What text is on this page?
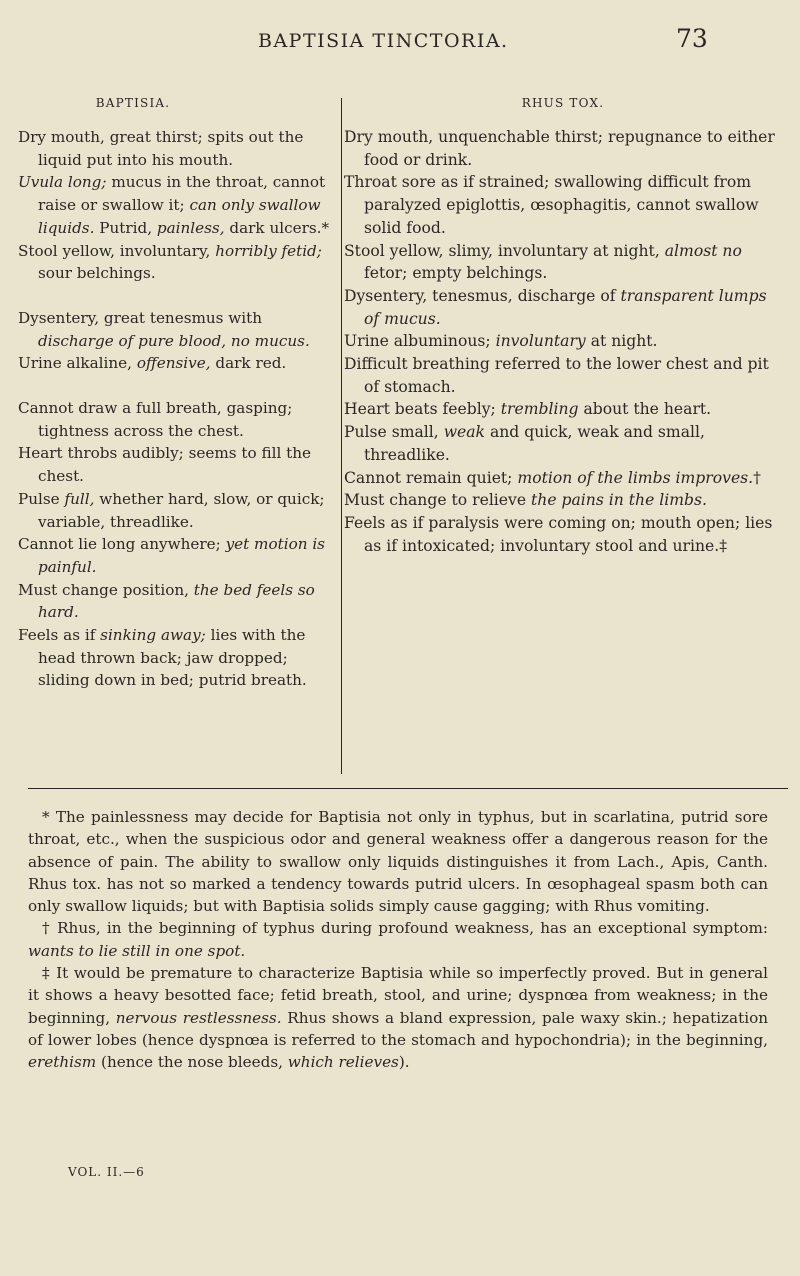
BAPTISIA TINCTORIA.	73
BAPTISIA.

Dry mouth, great thirst; spits out the liquid put into his mouth.

Uvula long; mucus in the throat, cannot raise or swallow it; can only swallow liquids. Putrid, painless, dark ulcers.*

Stool yellow, involuntary, horribly fetid; sour belchings.

Dysentery, great tenesmus with discharge of pure blood, no mucus.

Urine alkaline, offensive, dark red.

Cannot draw a full breath, gasping; tightness across the chest.

Heart throbs audibly; seems to fill the chest.

Pulse full, whether hard, slow, or quick; variable, threadlike.

Cannot lie long anywhere; yet motion is painful.

Must change position, the bed feels so hard.

Feels as if sinking away; lies with the head thrown back; jaw dropped; sliding down in bed; putrid breath.

RHUS TOX.

Dry mouth, unquenchable thirst; repugnance to either food or drink.

Throat sore as if strained; swallowing difficult from paralyzed epiglottis, œsophagitis, cannot swallow solid food.

Stool yellow, slimy, involuntary at night, almost no fetor; empty belchings.

Dysentery, tenesmus, discharge of transparent lumps of mucus.

Urine albuminous; involuntary at night.

Difficult breathing referred to the lower chest and pit of stomach.

Heart beats feebly; trembling about the heart.

Pulse small, weak and quick, weak and small, threadlike.

Cannot remain quiet; motion of the limbs improves.†

Must change to relieve the pains in the limbs.

Feels as if paralysis were coming on; mouth open; lies as if intoxicated; involuntary stool and urine.‡

* The painlessness may decide for Baptisia not only in typhus, but in scarlatina, putrid sore throat, etc., when the suspicious odor and general weakness offer a dangerous reason for the absence of pain. The ability to swallow only liquids distinguishes it from Lach., Apis, Canth. Rhus tox. has not so marked a tendency towards putrid ulcers. In œsophageal spasm both can only swallow liquids; but with Baptisia solids simply cause gagging; with Rhus vomiting.

† Rhus, in the beginning of typhus during profound weakness, has an exceptional symptom: wants to lie still in one spot.

‡ It would be premature to characterize Baptisia while so imperfectly proved. But in general it shows a heavy besotted face; fetid breath, stool, and urine; dyspnœa from weakness; in the beginning, nervous restlessness. Rhus shows a bland expression, pale waxy skin.; hepatization of lower lobes (hence dyspnœa is referred to the stomach and hypochondria); in the beginning, erethism (hence the nose bleeds, which relieves).

VOL. II.—6
